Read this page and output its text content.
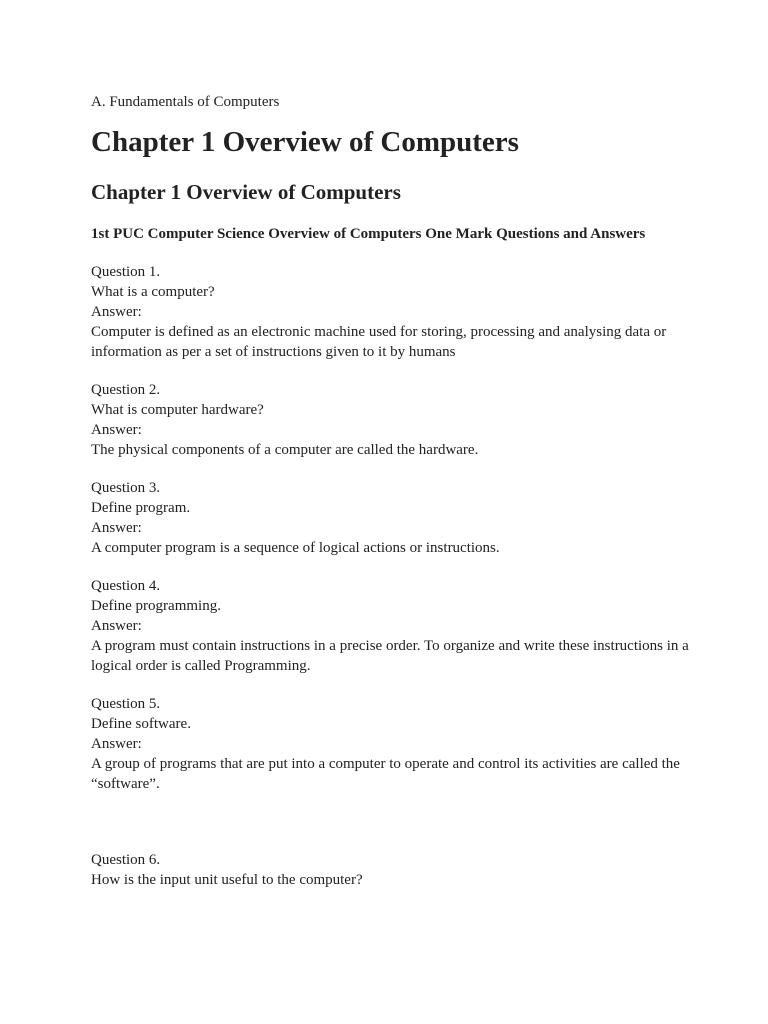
A. Fundamentals of Computers
Chapter 1 Overview of Computers
Chapter 1 Overview of Computers
1st PUC Computer Science Overview of Computers One Mark Questions and Answers
Question 1.
What is a computer?
Answer:
Computer is defined as an electronic machine used for storing, processing and analysing data or information as per a set of instructions given to it by humans
Question 2.
What is computer hardware?
Answer:
The physical components of a computer are called the hardware.
Question 3.
Define program.
Answer:
A computer program is a sequence of logical actions or instructions.
Question 4.
Define programming.
Answer:
A program must contain instructions in a precise order. To organize and write these instructions in a logical order is called Programming.
Question 5.
Define software.
Answer:
A group of programs that are put into a computer to operate and control its activities are called the “software”.
Question 6.
How is the input unit useful to the computer?
